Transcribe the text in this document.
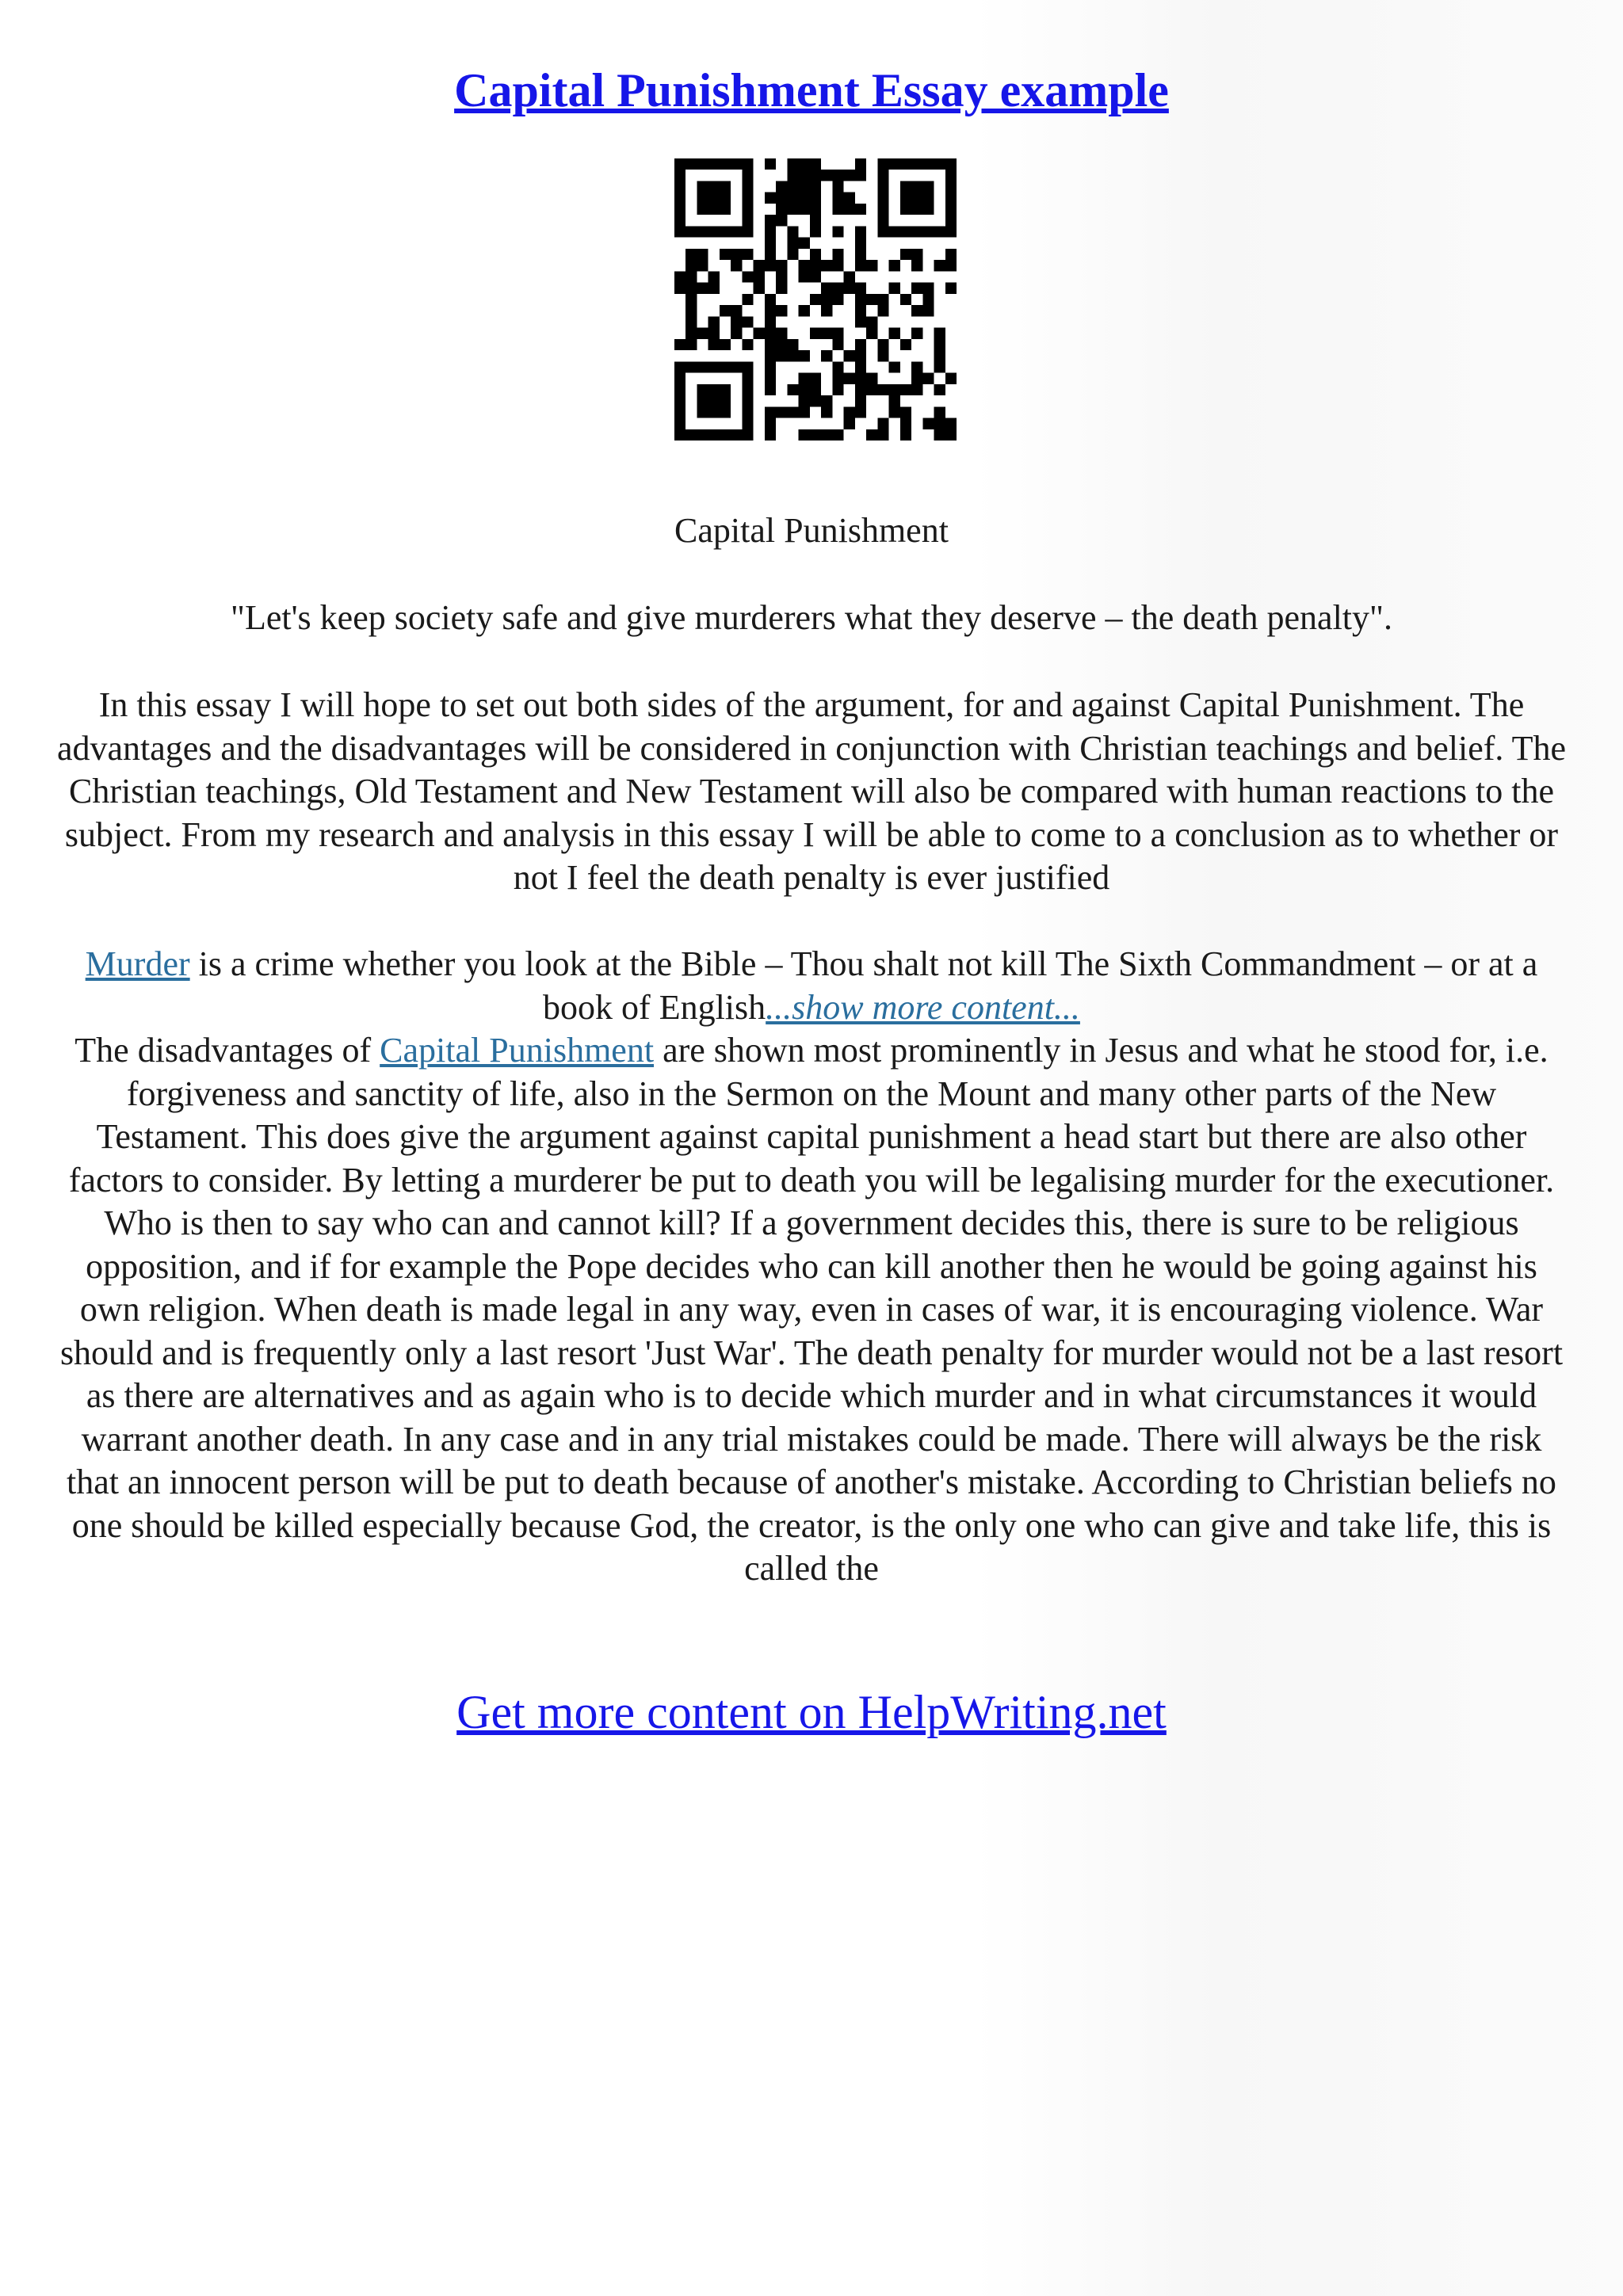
Capital Punishment Essay example
Capital Punishment
"Let's keep society safe and give murderers what they deserve – the death penalty".
In this essay I will hope to set out both sides of the argument, for and against Capital Punishment. The advantages and the disadvantages will be considered in conjunction with Christian teachings and belief. The Christian teachings, Old Testament and New Testament will also be compared with human reactions to the subject. From my research and analysis in this essay I will be able to come to a conclusion as to whether or not I feel the death penalty is ever justified
Murder is a crime whether you look at the Bible – Thou shalt not kill The Sixth Commandment – or at a book of English...show more content...
The disadvantages of Capital Punishment are shown most prominently in Jesus and what he stood for, i.e. forgiveness and sanctity of life, also in the Sermon on the Mount and many other parts of the New Testament. This does give the argument against capital punishment a head start but there are also other factors to consider. By letting a murderer be put to death you will be legalising murder for the executioner. Who is then to say who can and cannot kill? If a government decides this, there is sure to be religious opposition, and if for example the Pope decides who can kill another then he would be going against his own religion. When death is made legal in any way, even in cases of war, it is encouraging violence. War should and is frequently only a last resort 'Just War'. The death penalty for murder would not be a last resort as there are alternatives and as again who is to decide which murder and in what circumstances it would warrant another death. In any case and in any trial mistakes could be made. There will always be the risk that an innocent person will be put to death because of another's mistake. According to Christian beliefs no one should be killed especially because God, the creator, is the only one who can give and take life, this is called the
Get more content on HelpWriting.net
